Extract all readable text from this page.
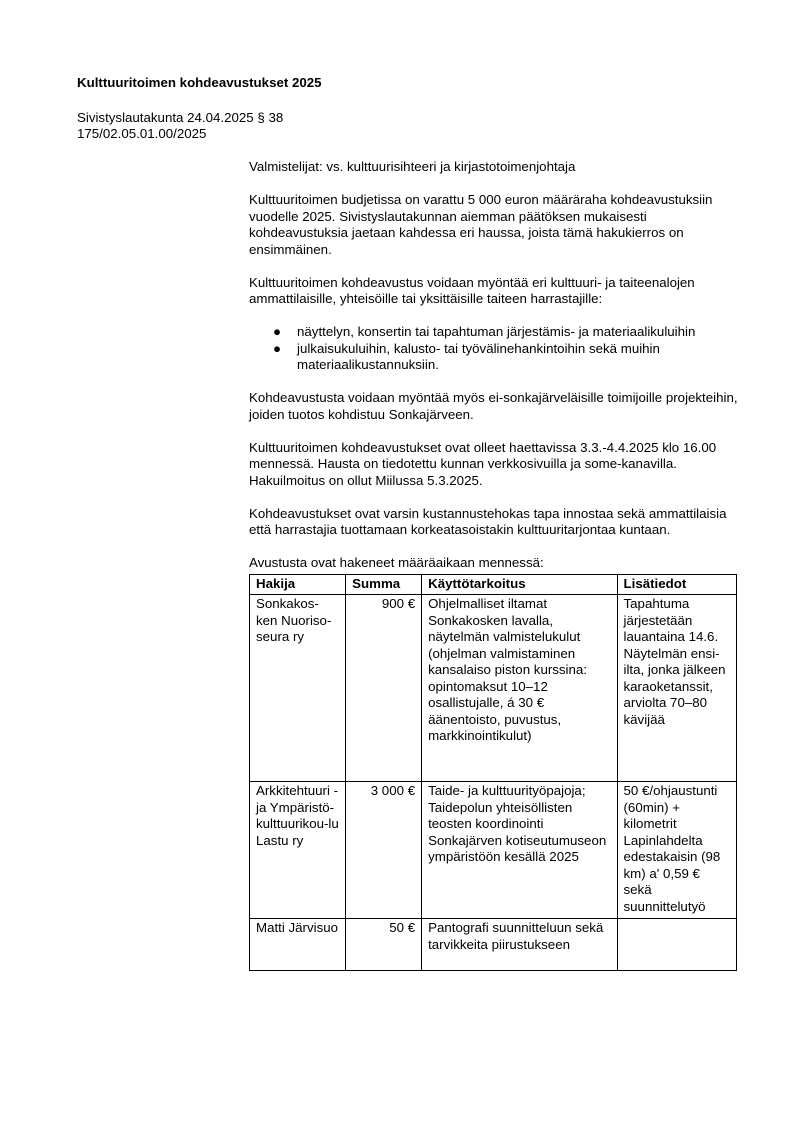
Kulttuuritoimen kohdeavustukset 2025
Sivistyslautakunta 24.04.2025 § 38
175/02.05.01.00/2025

Valmistelijat: vs. kulttuurisihteeri ja kirjastotoimenjohtaja

Kulttuuritoimen budjetissa on varattu 5 000 euron määräraha kohdeavustuksiin vuodelle 2025. Sivistyslautakunnan aiemman päätöksen mukaisesti kohdeavustuksia jaetaan kahdessa eri haussa, joista tämä hakukierros on ensimmäinen.

Kulttuuritoimen kohdeavustus voidaan myöntää eri kulttuuri- ja taiteenalojen ammattilaisille, yhteisöille tai yksittäisille taiteen harrastajille:

● näyttelyn, konsertin tai tapahtuman järjestämis- ja materiaalikuluihin
● julkaisukuluihin, kalusto- tai työvälinehankintoihin sekä muihin materiaalikustannuksiin.

Kohdeavustusta voidaan myöntää myös ei-sonkajärveläisille toimijoille projekteihin, joiden tuotos kohdistuu Sonkajärveen.

Kulttuuritoimen kohdeavustukset ovat olleet haettavissa 3.3.-4.4.2025 klo 16.00 mennessä. Hausta on tiedotettu kunnan verkkosivuilla ja some-kanavilla. Hakuilmoitus on ollut Miilussa 5.3.2025.

Kohdeavustukset ovat varsin kustannustehokas tapa innostaa sekä ammattilaisia että harrastajia tuottamaan korkeatasoistakin kulttuuritarjontaa kuntaan.

Avustusta ovat hakeneet määräaikaan mennessä:

Hakija	Summa	Käyttötarkoitus	Lisätiedot
Sonkakos-ken Nuoriso-seura ry	900 €	Ohjelmalliset iltamat Sonkakosken lavalla, näytelmän valmistelukulut (ohjelman valmistaminen kansalaiso piston kurssina: opintomaksut 10–12 osallistujalle, á 30 € äänentoisto, puvustus, markkinointikulut)	Tapahtuma järjestetään lauantaina 14.6. Näytelmän ensi-ilta, jonka jälkeen karaoketanssit, arviolta 70–80 kävijää
Arkkitehtuuri - ja Ympäristö-kulttuurikou-lu Lastu ry	3 000 €	Taide- ja kulttuurityöpajoja; Taidepolun yhteisöllisten teosten koordinointi Sonkajärven kotiseutumuseon ympäristöön kesällä 2025	50 €/ohjaustunti (60min) + kilometrit Lapinlahdelta edestakaisin (98 km) a' 0,59 € sekä suunnittelutyö
Matti Järvisuo	50 €	Pantografi suunnitteluun sekä tarvikkeita piirustukseen	
